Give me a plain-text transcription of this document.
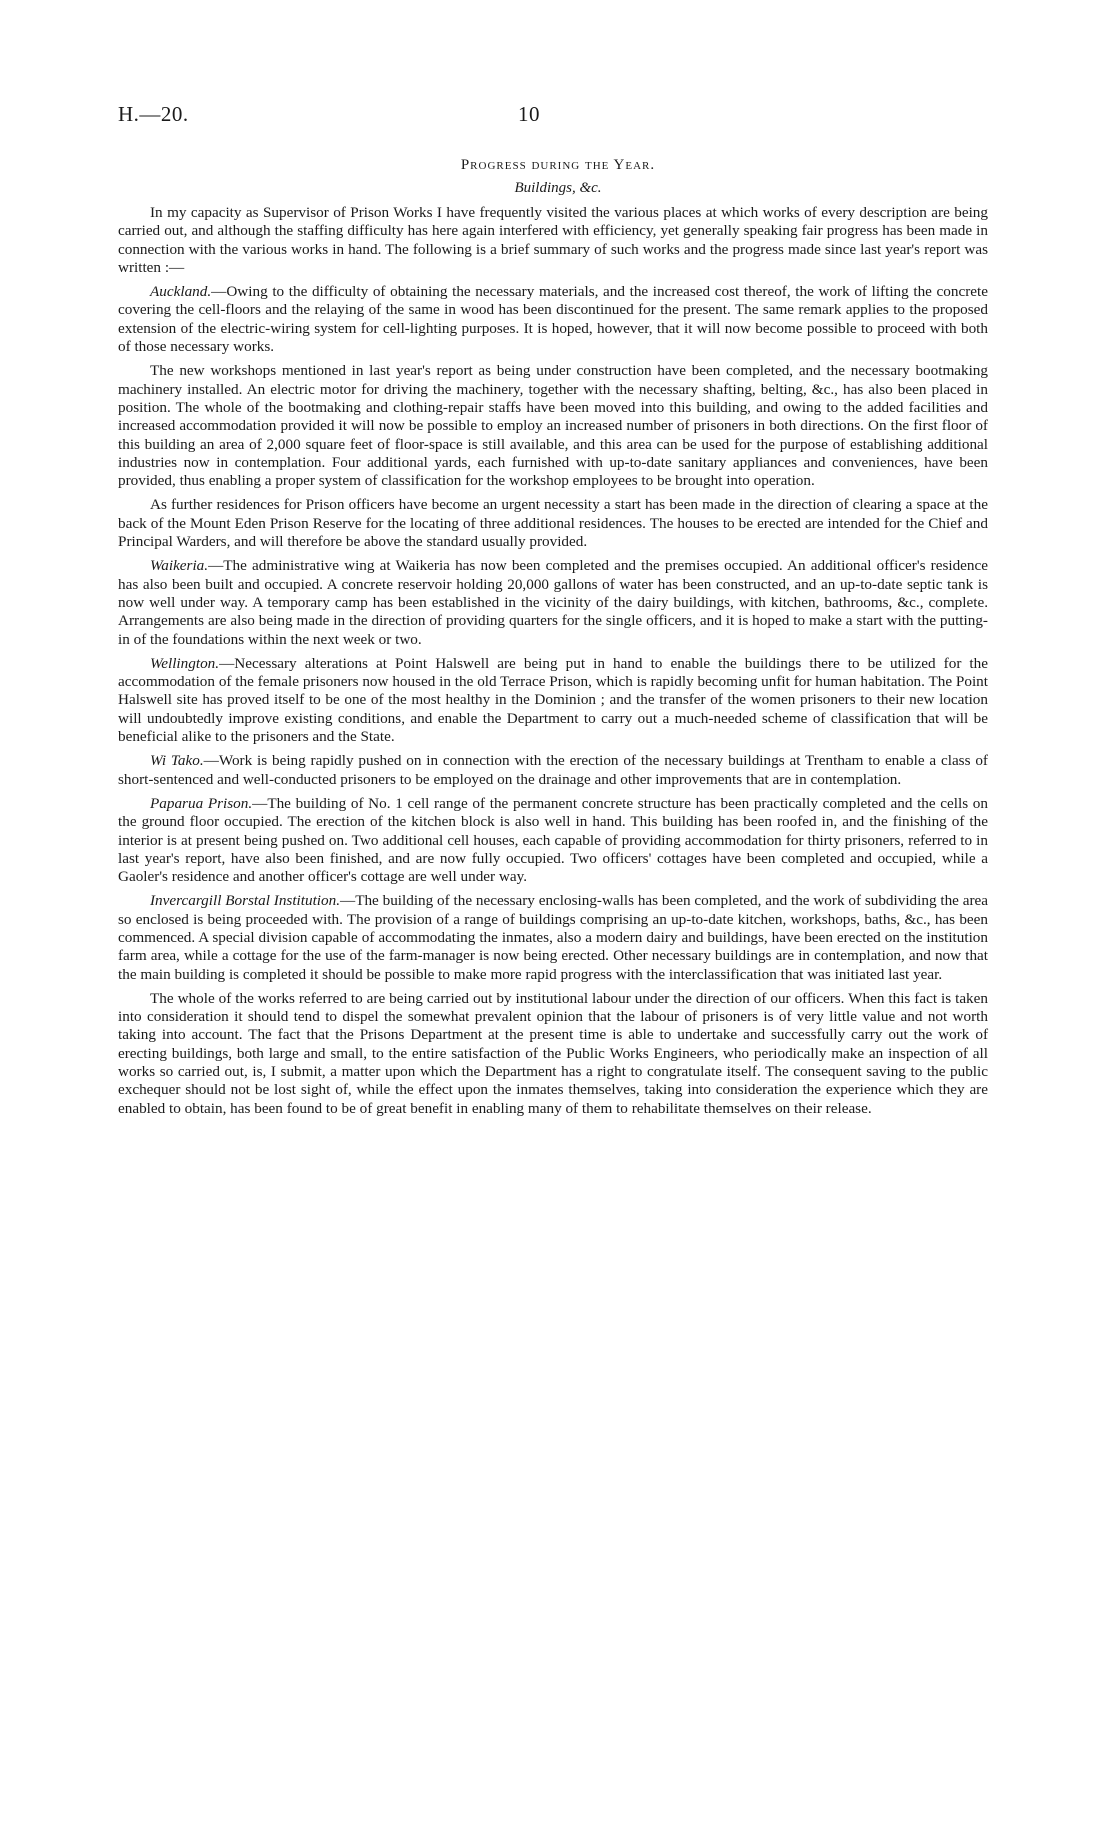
H.—20.	10
Progress during the Year.
Buildings, &c.

In my capacity as Supervisor of Prison Works I have frequently visited the various places at which works of every description are being carried out, and although the staffing difficulty has here again interfered with efficiency, yet generally speaking fair progress has been made in connection with the various works in hand. The following is a brief summary of such works and the progress made since last year's report was written :—

Auckland.—Owing to the difficulty of obtaining the necessary materials, and the increased cost thereof, the work of lifting the concrete covering the cell-floors and the relaying of the same in wood has been discontinued for the present. The same remark applies to the proposed extension of the electric-wiring system for cell-lighting purposes. It is hoped, however, that it will now become possible to proceed with both of those necessary works.

The new workshops mentioned in last year's report as being under construction have been completed, and the necessary bootmaking machinery installed. An electric motor for driving the machinery, together with the necessary shafting, belting, &c., has also been placed in position. The whole of the bootmaking and clothing-repair staffs have been moved into this building, and owing to the added facilities and increased accommodation provided it will now be possible to employ an increased number of prisoners in both directions. On the first floor of this building an area of 2,000 square feet of floor-space is still available, and this area can be used for the purpose of establishing additional industries now in contemplation. Four additional yards, each furnished with up-to-date sanitary appliances and conveniences, have been provided, thus enabling a proper system of classification for the workshop employees to be brought into operation.

As further residences for Prison officers have become an urgent necessity a start has been made in the direction of clearing a space at the back of the Mount Eden Prison Reserve for the locating of three additional residences. The houses to be erected are intended for the Chief and Principal Warders, and will therefore be above the standard usually provided.

Waikeria.—The administrative wing at Waikeria has now been completed and the premises occupied. An additional officer's residence has also been built and occupied. A concrete reservoir holding 20,000 gallons of water has been constructed, and an up-to-date septic tank is now well under way. A temporary camp has been established in the vicinity of the dairy buildings, with kitchen, bathrooms, &c., complete. Arrangements are also being made in the direction of providing quarters for the single officers, and it is hoped to make a start with the putting-in of the foundations within the next week or two.

Wellington.—Necessary alterations at Point Halswell are being put in hand to enable the buildings there to be utilized for the accommodation of the female prisoners now housed in the old Terrace Prison, which is rapidly becoming unfit for human habitation. The Point Halswell site has proved itself to be one of the most healthy in the Dominion ; and the transfer of the women prisoners to their new location will undoubtedly improve existing conditions, and enable the Department to carry out a much-needed scheme of classification that will be beneficial alike to the prisoners and the State.

Wi Tako.—Work is being rapidly pushed on in connection with the erection of the necessary buildings at Trentham to enable a class of short-sentenced and well-conducted prisoners to be employed on the drainage and other improvements that are in contemplation.

Paparua Prison.—The building of No. 1 cell range of the permanent concrete structure has been practically completed and the cells on the ground floor occupied. The erection of the kitchen block is also well in hand. This building has been roofed in, and the finishing of the interior is at present being pushed on. Two additional cell houses, each capable of providing accommodation for thirty prisoners, referred to in last year's report, have also been finished, and are now fully occupied. Two officers' cottages have been completed and occupied, while a Gaoler's residence and another officer's cottage are well under way.

Invercargill Borstal Institution.—The building of the necessary enclosing-walls has been completed, and the work of subdividing the area so enclosed is being proceeded with. The provision of a range of buildings comprising an up-to-date kitchen, workshops, baths, &c., has been commenced. A special division capable of accommodating the inmates, also a modern dairy and buildings, have been erected on the institution farm area, while a cottage for the use of the farm-manager is now being erected. Other necessary buildings are in contemplation, and now that the main building is completed it should be possible to make more rapid progress with the interclassification that was initiated last year.

The whole of the works referred to are being carried out by institutional labour under the direction of our officers. When this fact is taken into consideration it should tend to dispel the somewhat prevalent opinion that the labour of prisoners is of very little value and not worth taking into account. The fact that the Prisons Department at the present time is able to undertake and successfully carry out the work of erecting buildings, both large and small, to the entire satisfaction of the Public Works Engineers, who periodically make an inspection of all works so carried out, is, I submit, a matter upon which the Department has a right to congratulate itself. The consequent saving to the public exchequer should not be lost sight of, while the effect upon the inmates themselves, taking into consideration the experience which they are enabled to obtain, has been found to be of great benefit in enabling many of them to rehabilitate themselves on their release.
